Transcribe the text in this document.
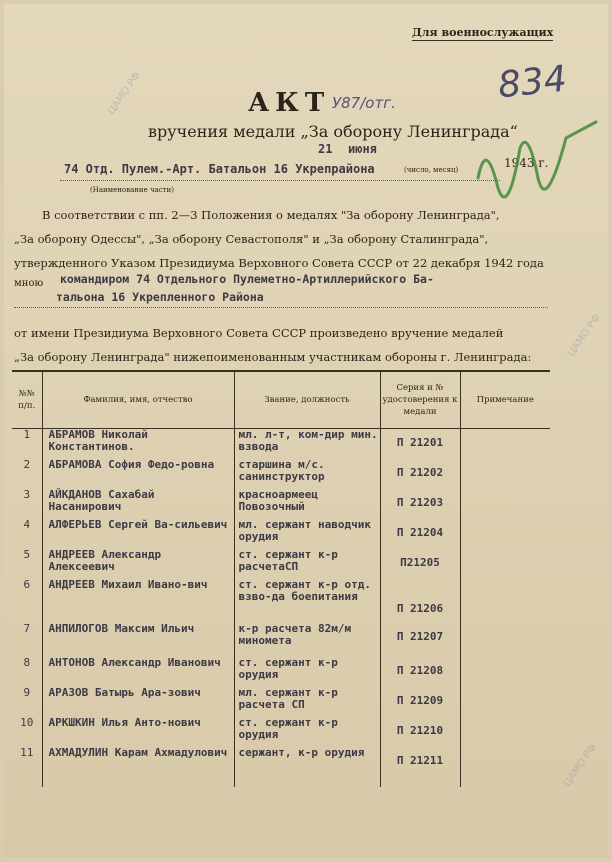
Для военнослужащих
834
АКТ У87/отг.
вручения медали „За оборону Ленинграда“
21 июня
1943 г.
(число, месяц)
74 Отд. Пулем.-Арт. Батальон 16 Укрепрайона
(Наименование части)
В соответствии с пп. 2—3 Положения о медалях "За оборону Ленинграда",
„За оборону Одессы", „За оборону Севастополя" и „За оборону Сталинграда",
утвержденного Указом Президиума Верховного Совета СССР от 22 декабря 1942 года
мною командиром 74 Отдельного Пулеметно-Артиллерийского Ба-
тальона 16 Укрепленного Района
от имени Президиума Верховного Совета СССР произведено вручение медалей
„За оборону Ленинграда" нижепоименованным участникам обороны г. Ленинграда:
№№ п/п.	Фамилия, имя, отчество	Звание, должность	Серия и № удостоверения к медали	Примечание
1	АБРАМОВ Николай Константинов.	мл. л-т, ком-дир мин. взвода	П 21201	
2	АБРАМОВА София Федо-ровна	старшина м/с. санинструктор	П 21202	
3	АЙКДАНОВ Сахабай Насанирович	красноармеец Повозочный	П 21203	
4	АЛФЕРЬЕВ Сергей Ва-сильевич	мл. сержант наводчик орудия	П 21204	
5	АНДРЕЕВ Александр Алексеевич	ст. сержант к-р расчетаСП	П21205	
6	АНДРЕЕВ Михаил Ивано-вич	ст. сержант к-р отд. взво-да боепитания	П 21206	
7	АНПИЛОГОВ Максим Ильич	к-р расчета 82м/м миномета	П 21207	
8	АНТОНОВ Александр Иванович	ст. сержант к-р орудия	П 21208	
9	АРАЗОВ Батырь Ара-зович	мл. сержант к-р расчета СП	П 21209	
10	АРКШКИН Илья Анто-нович	ст. сержант к-р орудия	П 21210	
11	АХМАДУЛИН Карам Ахмадулович	сержант, к-р орудия	П 21211	
ЦАМО РФ
ЦАМО РФ
ЦАМО РФ
